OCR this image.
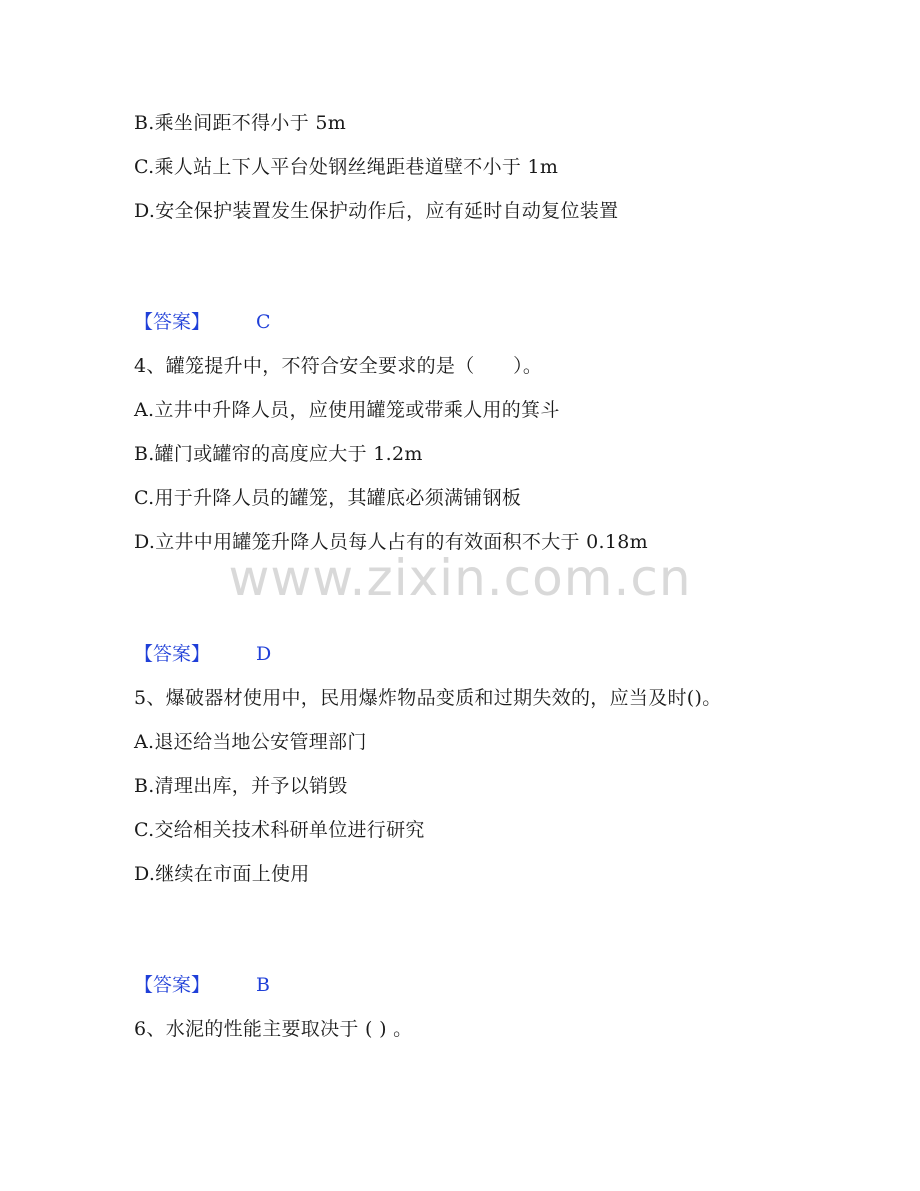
www.zixin.com.cn
B.乘坐间距不得小于 5m
C.乘人站上下人平台处钢丝绳距巷道壁不小于 1m
D.安全保护装置发生保护动作后，应有延时自动复位装置
【答案】 C
4、罐笼提升中，不符合安全要求的是（　　）。
A.立井中升降人员，应使用罐笼或带乘人用的箕斗
B.罐门或罐帘的高度应大于 1.2m
C.用于升降人员的罐笼，其罐底必须满铺钢板
D.立井中用罐笼升降人员每人占有的有效面积不大于 0.18m
【答案】 D
5、爆破器材使用中，民用爆炸物品变质和过期失效的，应当及时()。
A.退还给当地公安管理部门
B.清理出库，并予以销毁
C.交给相关技术科研单位进行研究
D.继续在市面上使用
【答案】 B
6、水泥的性能主要取决于 ( ) 。
